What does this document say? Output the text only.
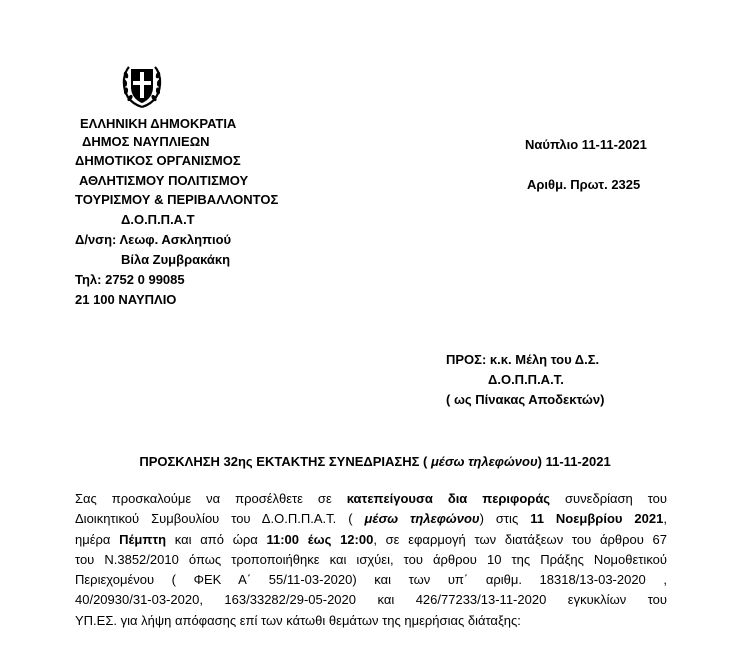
ΕΛΛΗΝΙΚΗ ΔΗΜΟΚΡΑΤΙΑ
ΔΗΜΟΣ ΝΑΥΠΛΙΕΩΝ
ΔΗΜΟΤΙΚΟΣ ΟΡΓΑΝΙΣΜΟΣ
ΑΘΛΗΤΙΣΜΟΥ ΠΟΛΙΤΙΣΜΟΥ
ΤΟΥΡΙΣΜΟΥ & ΠΕΡΙΒΑΛΛΟΝΤΟΣ
Δ.Ο.Π.Π.Α.Τ
Δ/νση: Λεωφ. Ασκληπιού
Βίλα Ζυμβρακάκη
Τηλ: 2752 0 99085
21 100 ΝΑΥΠΛΙΟ
Ναύπλιο 11-11-2021
Αριθμ. Πρωτ. 2325
ΠΡΟΣ: κ.κ. Μέλη του Δ.Σ.
Δ.Ο.Π.Π.Α.Τ.
( ως Πίνακας Αποδεκτών)
ΠΡΟΣΚΛΗΣΗ 32ης ΕΚΤΑΚΤΗΣ ΣΥΝΕΔΡΙΑΣΗΣ ( μέσω τηλεφώνου) 11-11-2021
Σας προσκαλούμε να προσέλθετε σε κατεπείγουσα δια περιφοράς συνεδρίαση του
Διοικητικού Συμβουλίου του Δ.Ο.Π.Π.Α.Τ. ( μέσω τηλεφώνου) στις 11 Νοεμβρίου 2021,
ημέρα Πέμπτη και από ώρα 11:00 έως 12:00, σε εφαρμογή των διατάξεων του άρθρου 67
του Ν.3852/2010 όπως τροποποιήθηκε και ισχύει, του άρθρου 10 της Πράξης Νομοθετικού
Περιεχομένου ( ΦΕΚ Α΄ 55/11-03-2020) και των υπ΄ αριθμ. 18318/13-03-2020 ,
40/20930/31-03-2020, 163/33282/29-05-2020 και 426/77233/13-11-2020 εγκυκλίων του
ΥΠ.ΕΣ. για λήψη απόφασης επί των κάτωθι θεμάτων της ημερήσιας διάταξης:
